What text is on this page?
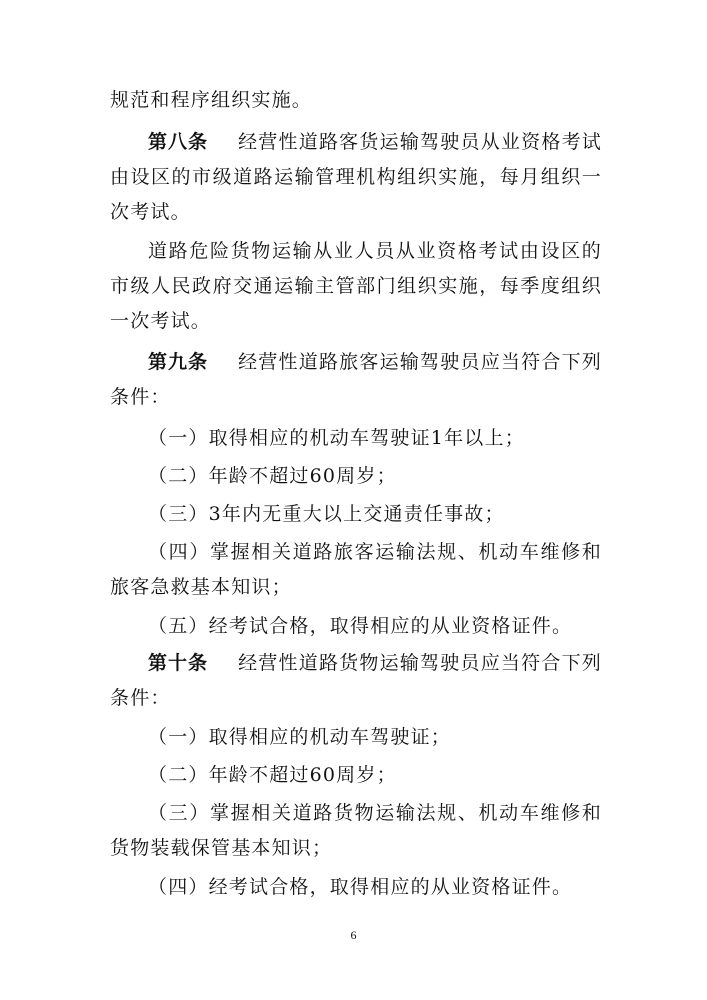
规范和程序组织实施。

第八条 经营性道路客货运输驾驶员从业资格考试由设区的市级道路运输管理机构组织实施，每月组织一次考试。

道路危险货物运输从业人员从业资格考试由设区的市级人民政府交通运输主管部门组织实施，每季度组织一次考试。

第九条 经营性道路旅客运输驾驶员应当符合下列条件：

（一）取得相应的机动车驾驶证1年以上；

（二）年龄不超过60周岁；

（三）3年内无重大以上交通责任事故；

（四）掌握相关道路旅客运输法规、机动车维修和旅客急救基本知识；

（五）经考试合格，取得相应的从业资格证件。

第十条 经营性道路货物运输驾驶员应当符合下列条件：

（一）取得相应的机动车驾驶证；

（二）年龄不超过60周岁；

（三）掌握相关道路货物运输法规、机动车维修和货物装载保管基本知识；

（四）经考试合格，取得相应的从业资格证件。

6
